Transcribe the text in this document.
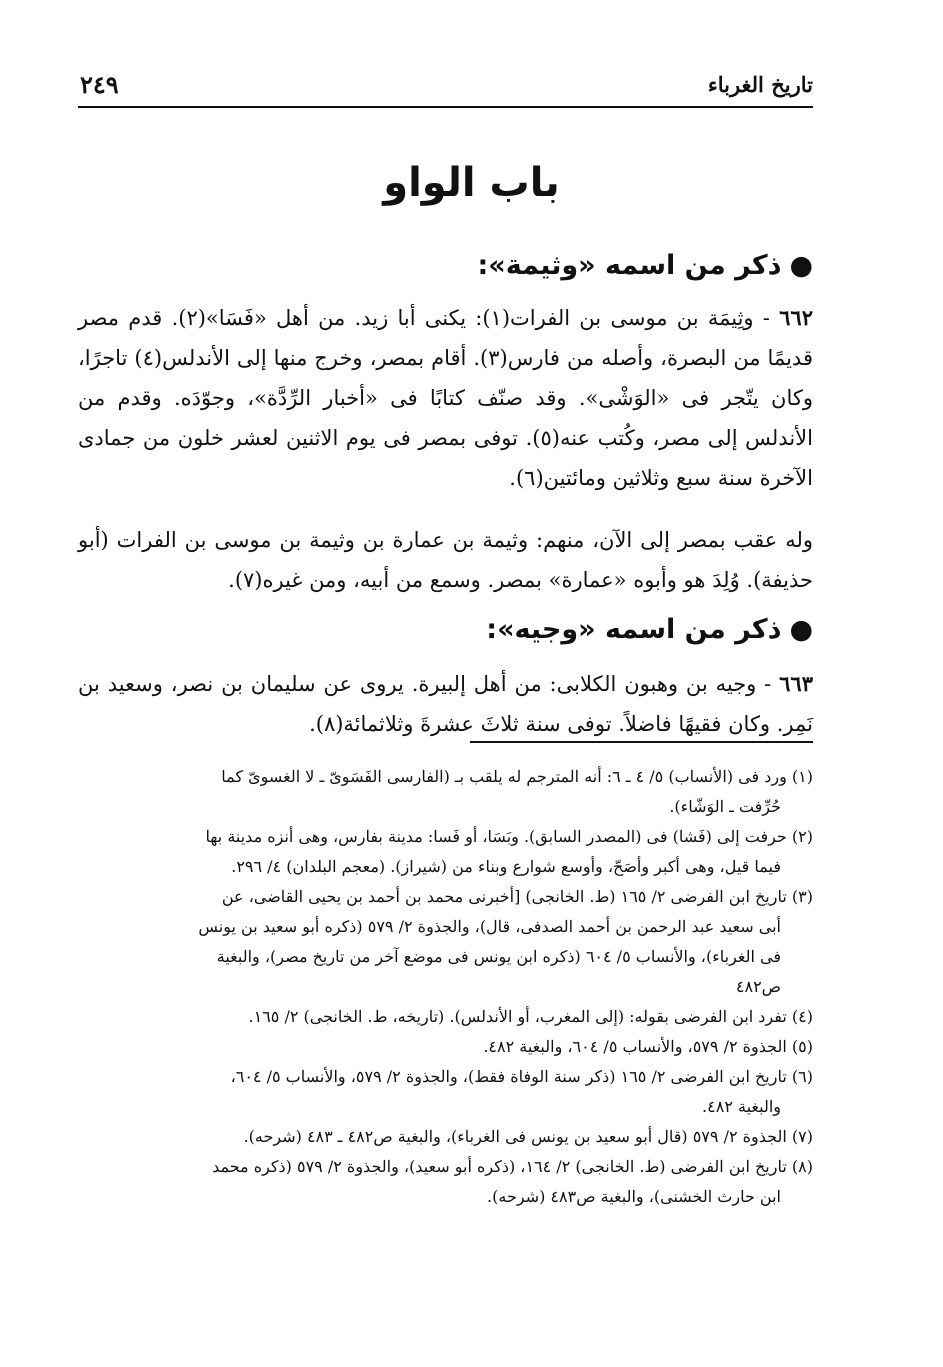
تاريخ الغرباء
٢٤٩
باب الواو
●ذكر من اسمه «وثيمة»:
٦٦٢ - وثِيمَة بن موسى بن الفرات(١): يكنى أبا زيد. من أهل «فَسَا»(٢). قدم مصر قديمًا من البصرة، وأصله من فارس(٣). أقام بمصر، وخرج منها إلى الأندلس(٤) تاجرًا، وكان يتّجر فى «الوَشْى». وقد صنّف كتابًا فى «أخبار الرِّدَّة»، وجوّدَه. وقدم من الأندلس إلى مصر، وكُتب عنه(٥). توفى بمصر فى يوم الاثنين لعشر خلون من جمادى الآخرة سنة سبع وثلاثين ومائتين(٦).
وله عقب بمصر إلى الآن، منهم: وثيمة بن عمارة بن وثيمة بن موسى بن الفرات (أبو حذيفة). وُلِدَ هو وأبوه «عمارة» بمصر. وسمع من أبيه، ومن غيره(٧).
●ذكر من اسمه «وجيه»:
٦٦٣ - وجيه بن وهبون الكلابى: من أهل إلبيرة. يروى عن سليمان بن نصر، وسعيد بن نَمِر. وكان فقيهًا فاضلاً. توفى سنة ثلاثَ عشرةَ وثلاثمائة(٨).
(١) ورد فى (الأنساب) ٥/ ٤ ـ ٦: أنه المترجم له يلقب بـ (الفارسى الفَسَوىّ ـ لا الغسوىّ كما
حُرِّفت ـ الوَشّاء).
(٢) حرفت إلى (فَشا) فى (المصدر السابق). وبَسَا، أو فَسا: مدينة بفارس، وهى أنزه مدينة بها
فيما قيل، وهى أكبر وأصَحّ، وأوسع شوارع وبناء من (شيراز). (معجم البلدان) ٤/ ٢٩٦.
(٣) تاريخ ابن الفرضى ٢/ ١٦٥ (ط. الخانجى) [أخبرنى محمد بن أحمد بن يحيى القاضى، عن
أبى سعيد عبد الرحمن بن أحمد الصدفى، قال)، والجذوة ٢/ ٥٧٩ (ذكره أبو سعيد بن يونس
فى الغرباء)، والأنساب ٥/ ٦٠٤ (ذكره ابن يونس فى موضع آخر من تاريخ مصر)، والبغية
ص٤٨٢
(٤) تفرد ابن الفرضى بقوله: (إلى المغرب، أو الأندلس). (تاريخه، ط. الخانجى) ٢/ ١٦٥.
(٥) الجذوة ٢/ ٥٧٩، والأنساب ٥/ ٦٠٤، والبغية ٤٨٢.
(٦) تاريخ ابن الفرضى ٢/ ١٦٥ (ذكر سنة الوفاة فقط)، والجذوة ٢/ ٥٧٩، والأنساب ٥/ ٦٠٤،
والبغية ٤٨٢.
(٧) الجذوة ٢/ ٥٧٩ (قال أبو سعيد بن يونس فى الغرباء)، والبغية ص٤٨٢ ـ ٤٨٣ (شرحه).
(٨) تاريخ ابن الفرضى (ط. الخانجى) ٢/ ١٦٤، (ذكره أبو سعيد)، والجذوة ٢/ ٥٧٩ (ذكره محمد
ابن حارث الخشنى)، والبغية ص٤٨٣ (شرحه).
